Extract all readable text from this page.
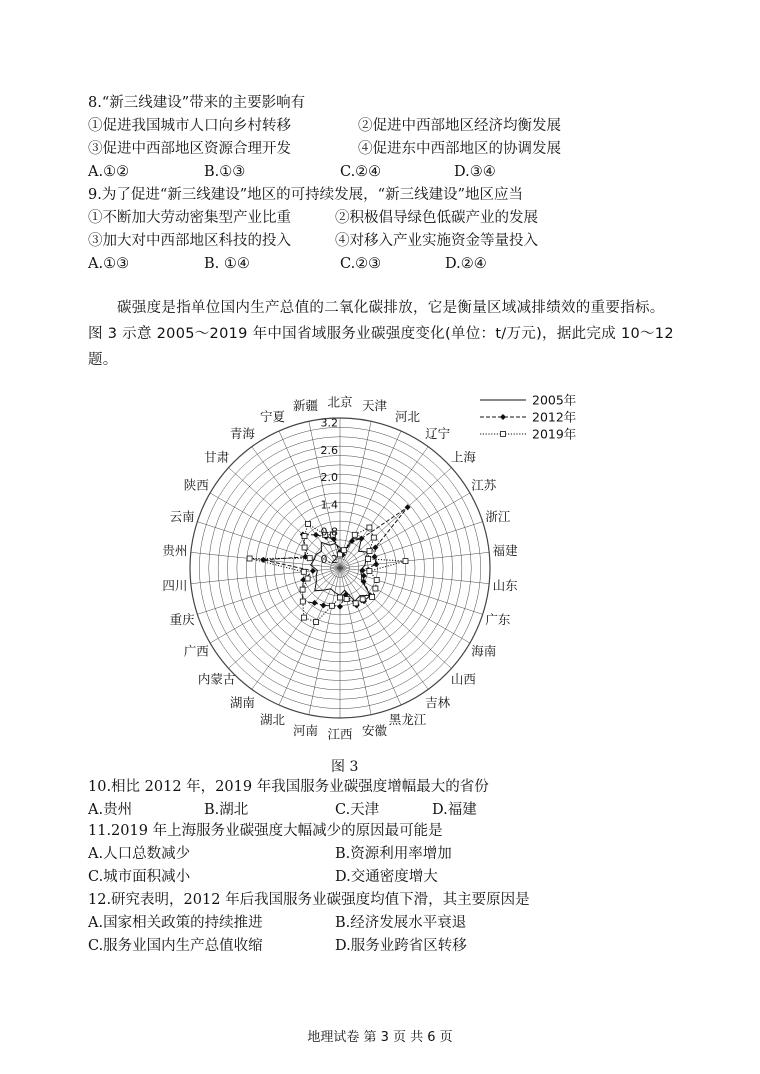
8.“新三线建设”带来的主要影响有
①促进我国城市人口向乡村转移	②促进中西部地区经济均衡发展
③促进中西部地区资源合理开发	④促进东中西部地区的协调发展
A.①②	B.①③	C.②④	D.③④
9.为了促进“新三线建设”地区的可持续发展，“新三线建设”地区应当
①不断加大劳动密集型产业比重	②积极倡导绿色低碳产业的发展
③加大对中西部地区科技的投入	④对移入产业实施资金等量投入
A.①③	B. ①④	C.②③	D.②④
碳强度是指单位国内生产总值的二氧化碳排放，它是衡量区域减排绩效的重要指标。
图 3 示意 2005～2019 年中国省域服务业碳强度变化(单位：t/万元)，据此完成 10～12
题。
北京 天津
河北
辽宁
上海
江苏
浙江
福建
山东
广东
海南
山西
吉林
黑龙江
安徽
江西
河南
湖北
湖南
内蒙古
广西
重庆
四川
贵州
云南
陕西
甘肃
青海
宁夏
新疆
0.2
0.8
1.4
2.0
2.6
3.2
2005年
2012年
2019年
图 3
10.相比 2012 年，2019 年我国服务业碳强度增幅最大的省份
A.贵州	B.湖北	C.天津	D.福建
11.2019 年上海服务业碳强度大幅减少的原因最可能是
A.人口总数减少	B.资源利用率增加
C.城市面积减小	D.交通密度增大
12.研究表明，2012 年后我国服务业碳强度均值下滑，其主要原因是
A.国家相关政策的持续推进	B.经济发展水平衰退
C.服务业国内生产总值收缩	D.服务业跨省区转移
地理试卷 第 3 页 共 6 页
